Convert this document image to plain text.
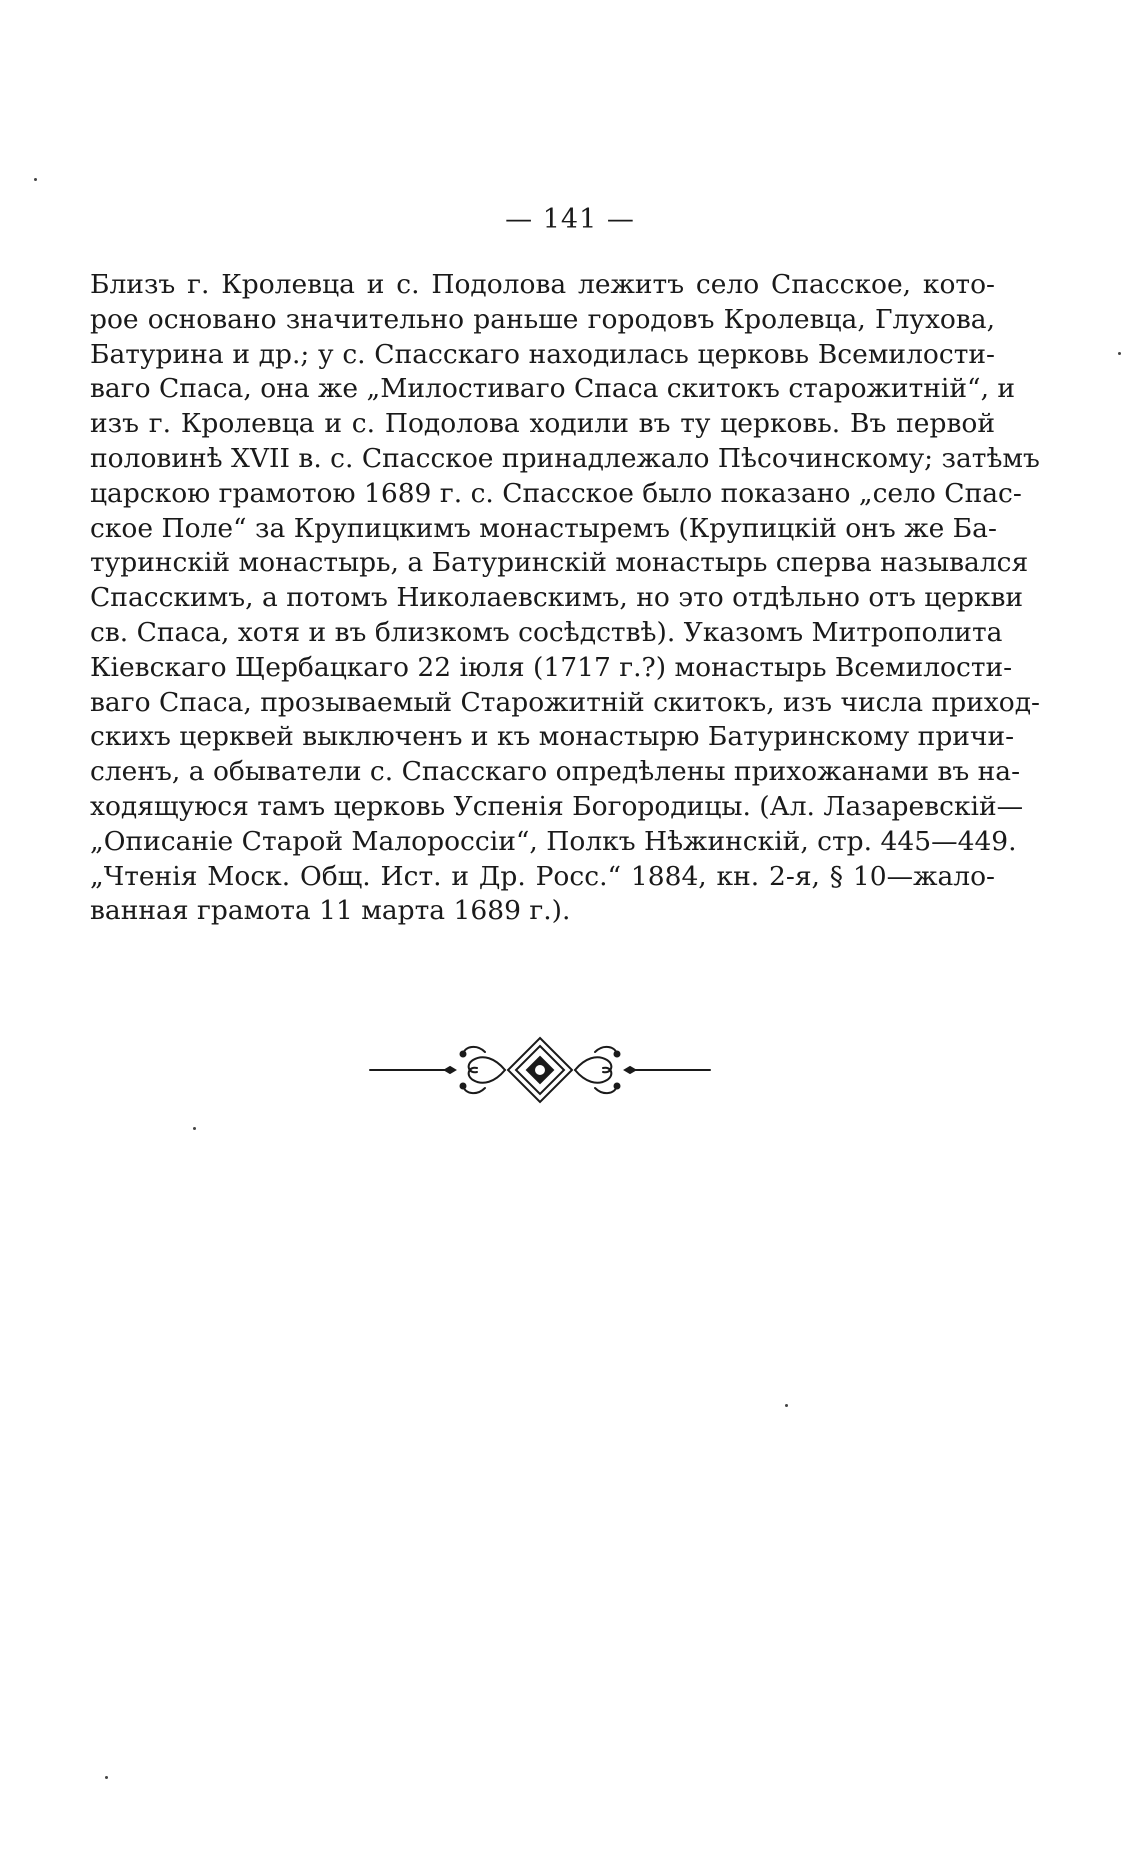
— 141 —
Близъ г. Кролевца и с. Подолова лежитъ село Спасское, кото-
рое основано значительно раньше городовъ Кролевца, Глухова,
Батурина и др.; у с. Спасскаго находилась церковь Всемилости-
ваго Спаса, она же „Милостиваго Спаса скитокъ старожитній“, и
изъ г. Кролевца и с. Подолова ходили въ ту церковь. Въ первой
половинѣ XVII в. с. Спасское принадлежало Пѣсочинскому; затѣмъ
царскою грамотою 1689 г. с. Спасское было показано „село Спас-
ское Поле“ за Крупицкимъ монастыремъ (Крупицкій онъ же Ба-
туринскій монастырь, а Батуринскій монастырь сперва назывался
Спасскимъ, а потомъ Николаевскимъ, но это отдѣльно отъ церкви
св. Спаса, хотя и въ близкомъ сосѣдствѣ). Указомъ Митрополита
Кіевскаго Щербацкаго 22 іюля (1717 г.?) монастырь Всемилости-
ваго Спаса, прозываемый Старожитній скитокъ, изъ числа приход-
скихъ церквей выключенъ и къ монастырю Батуринскому причи-
сленъ, а обыватели с. Спасскаго опредѣлены прихожанами въ на-
ходящуюся тамъ церковь Успенія Богородицы. (Ал. Лазаревскій—
„Описаніе Старой Малороссіи“, Полкъ Нѣжинскій, стр. 445—449.
„Чтенія Моск. Общ. Ист. и Др. Росс.“ 1884, кн. 2-я, § 10—жало-
ванная грамота 11 марта 1689 г.).
